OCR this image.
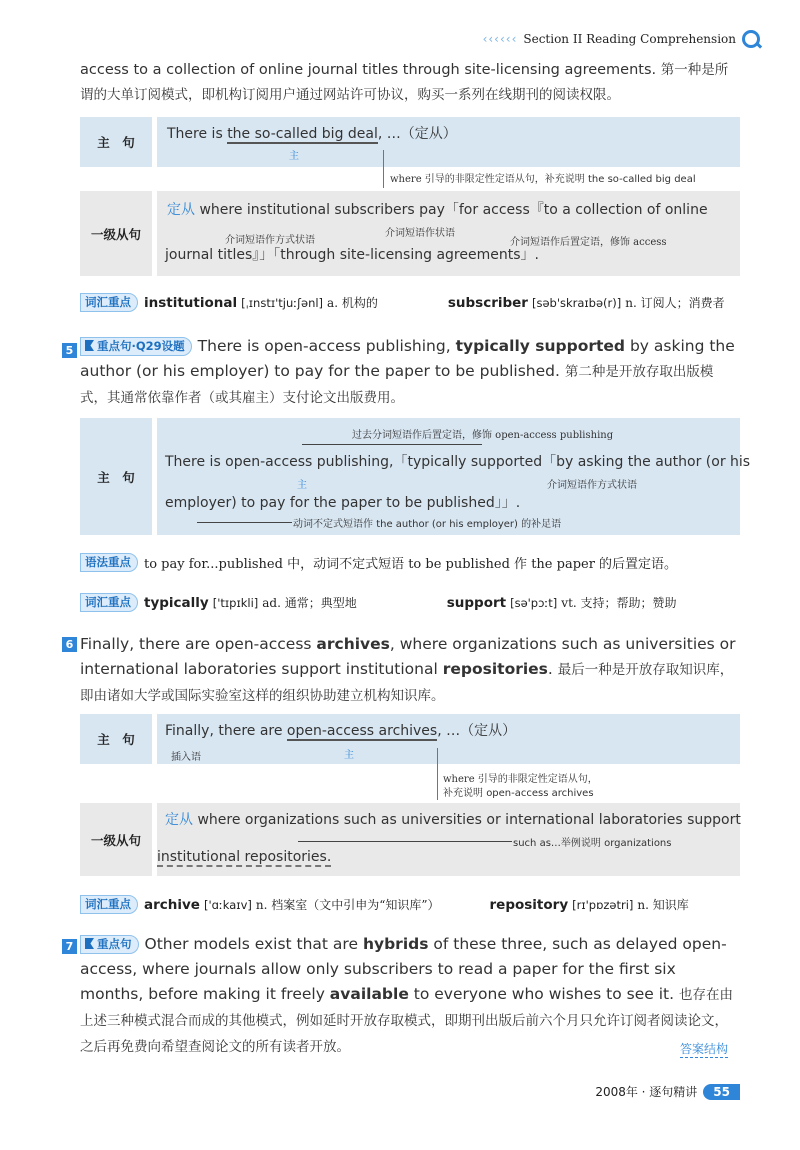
‹‹‹‹‹‹ Section II Reading Comprehension
access to a collection of online journal titles through site-licensing agreements. 第一种是所谓的大单订阅模式，即机构订阅用户通过网站许可协议，购买一系列在线期刊的阅读权限。
主　句
There is the so-called big deal, …（定从）
主
where 引导的非限定性定语从句，补充说明 the so-called big deal
一级从句
定从 where institutional subscribers pay「for access『to a collection of online
介词短语作方式状语
介词短语作状语
介词短语作后置定语，修饰 access
journal titles』」「through site-licensing agreements」.
词汇重点 institutional [ˌɪnstɪ'tjuːʃənl] a. 机构的	subscriber [səb'skraɪbə(r)] n. 订阅人；消费者
5	重点句·Q29设题 There is open-access publishing, typically supported by asking the author (or his employer) to pay for the paper to be published. 第二种是开放存取出版模式，其通常依靠作者（或其雇主）支付论文出版费用。
主　句
过去分词短语作后置定语，修饰 open-access publishing
There is open-access publishing,「typically supported「by asking the author (or his
主	介词短语作方式状语
employer) to pay for the paper to be published」」.
动词不定式短语作 the author (or his employer) 的补足语
语法重点	to pay for...published 中，动词不定式短语 to be published 作 the paper 的后置定语。
词汇重点 typically ['tɪpɪkli] ad. 通常；典型地	support [sə'pɔːt] vt. 支持；帮助；赞助
6 Finally, there are open-access archives, where organizations such as universities or international laboratories support institutional repositories. 最后一种是开放存取知识库，即由诸如大学或国际实验室这样的组织协助建立机构知识库。
主　句
Finally, there are open-access archives, …（定从）
插入语	主
where 引导的非限定性定语从句，
补充说明 open-access archives
一级从句
定从 where organizations such as universities or international laboratories support
such as…举例说明 organizations
institutional repositories.
词汇重点 archive ['ɑːkaɪv] n. 档案室（文中引申为“知识库”）	repository [rɪ'pɒzətri] n. 知识库
7	重点句 Other models exist that are hybrids of these three, such as delayed open-access, where journals allow only subscribers to read a paper for the first six months, before making it freely available to everyone who wishes to see it. 也存在由上述三种模式混合而成的其他模式，例如延时开放存取模式，即期刊出版后前六个月只允许订阅者阅读论文，之后再免费向希望查阅论文的所有读者开放。	答案结构
2008年 · 逐句精讲	55
